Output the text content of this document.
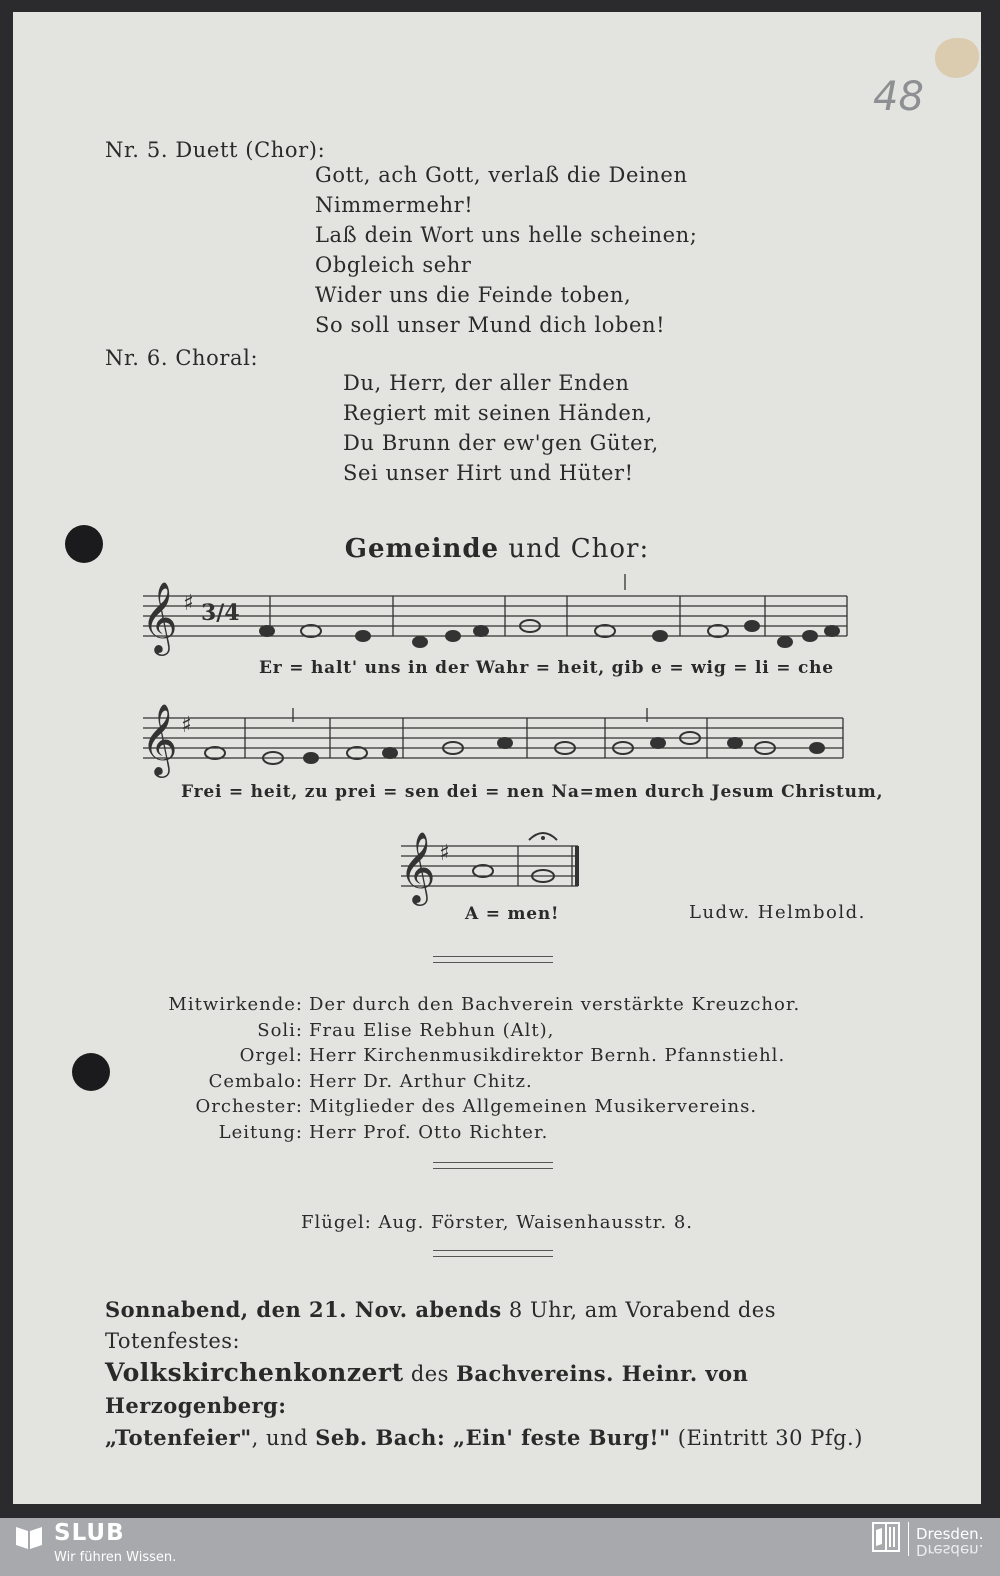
48
Nr. 5. Duett (Chor):
Gott, ach Gott, verlaß die Deinen
Nimmermehr!
Laß dein Wort uns helle scheinen;
Obgleich sehr
Wider uns die Feinde toben,
So soll unser Mund dich loben!
Nr. 6. Choral:
Du, Herr, der aller Enden
Regiert mit seinen Händen,
Du Brunn der ew'gen Güter,
Sei unser Hirt und Hüter!
Gemeinde und Chor:
𝄞 ♯ 3/4
Er = halt' uns in der Wahr = heit, gib e = wig = li = che
𝄞 ♯
Frei = heit, zu prei = sen dei = nen Na=men durch Jesum Christum,
𝄞 ♯
A = men!	Ludw. Helmbold.
Mitwirkende: Der durch den Bachverein verstärkte Kreuzchor.
Soli: Frau Elise Rebhun (Alt),
Orgel: Herr Kirchenmusikdirektor Bernh. Pfannstiehl.
Cembalo: Herr Dr. Arthur Chitz.
Orchester: Mitglieder des Allgemeinen Musikervereins.
Leitung: Herr Prof. Otto Richter.
Flügel: Aug. Förster, Waisenhausstr. 8.
Sonnabend, den 21. Nov. abends 8 Uhr, am Vorabend des Totenfestes:
Volkskirchenkonzert des Bachvereins. Heinr. von Herzogenberg:
„Totenfeier", und Seb. Bach: „Ein' feste Burg!" (Eintritt 30 Pfg.)
SLUB
Wir führen Wissen.
Dresden.
Dresden.
